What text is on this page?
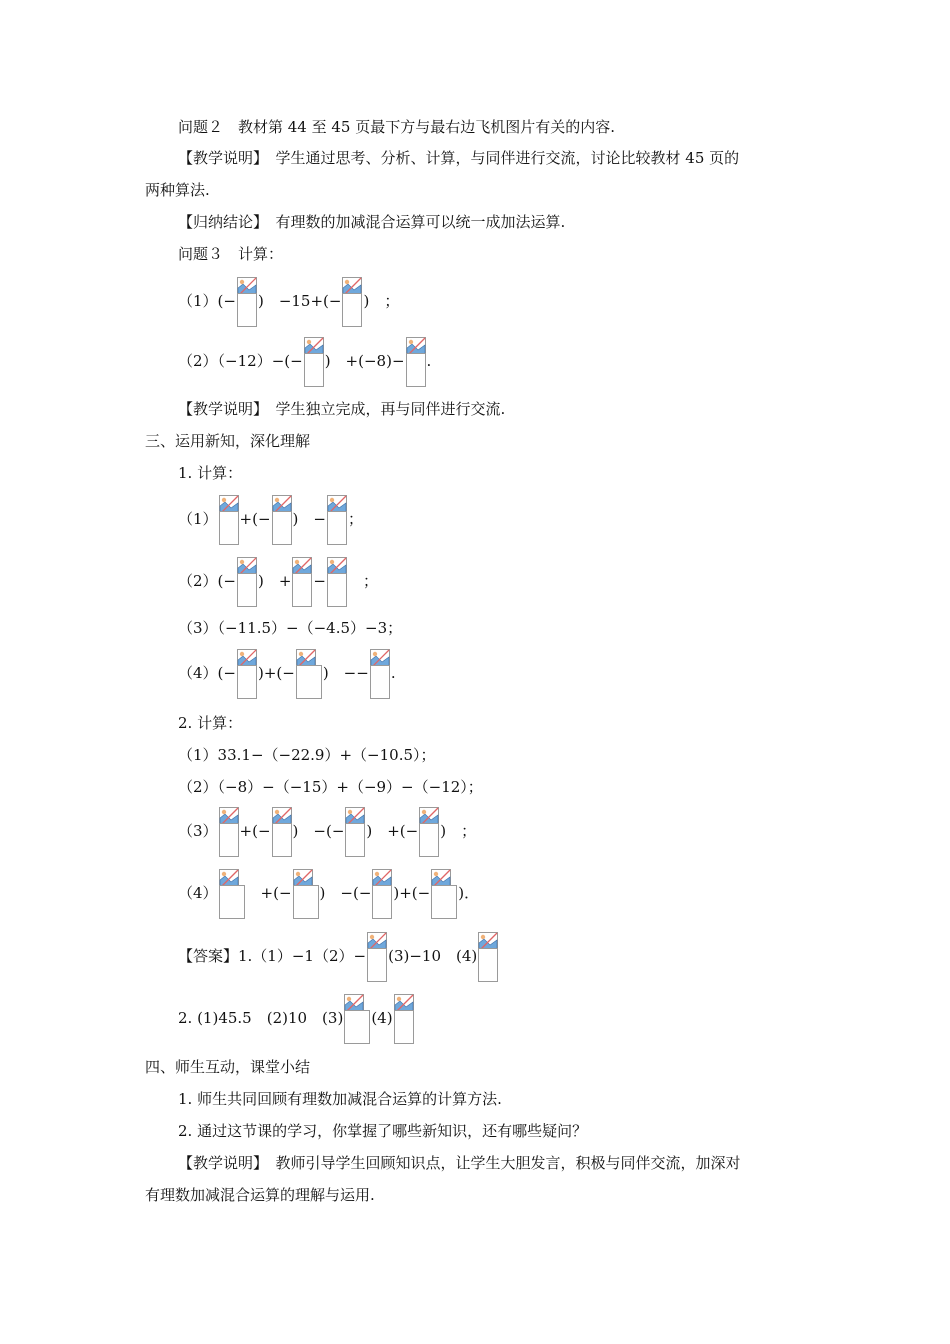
问题２　教材第 44 至 45 页最下方与最右边飞机图片有关的内容.
【教学说明】　学生通过思考、分析、计算，与同伴进行交流，讨论比较教材 45 页的
两种算法.
【归纳结论】　有理数的加减混合运算可以统一成加法运算.
问题３　计算：
（1）(− )　−15+(− )　；
（2）（−12）−(− )　+(−8)− .
【教学说明】　学生独立完成，再与同伴进行交流.
三、运用新知，深化理解
1. 计算：
（1） +(− )　− ；
（2）(− )　+ −
　；
（3）（−11.5）−（−4.5）−3；
（4）(− )+(− )　−− .
2. 计算：
（1）33.1−（−22.9）+（−10.5）；
（2）（−8）−（−15）+（−9）−（−12）；
（3） +(− )　−(− )　+(− )　；
（4）
　+(− )　−(− )+(− )．
【答案】1.（1）−1（2）− (3)−10　(4)
2. (1)45.5　(2)10　(3) (4)
四、师生互动，课堂小结
1. 师生共同回顾有理数加减混合运算的计算方法.
2. 通过这节课的学习，你掌握了哪些新知识，还有哪些疑问？
【教学说明】　教师引导学生回顾知识点，让学生大胆发言，积极与同伴交流，加深对
有理数加减混合运算的理解与运用.
